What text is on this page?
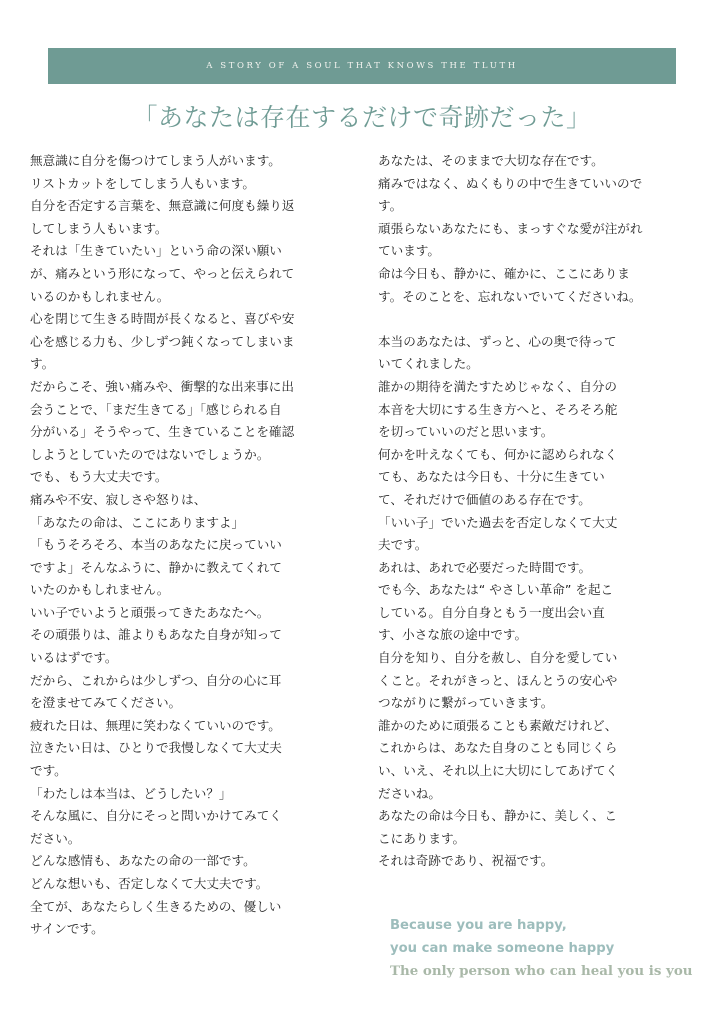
A STORY OF A SOUL THAT KNOWS THE TLUTH
「あなたは存在するだけで奇跡だった」
無意識に自分を傷つけてしまう人がいます。
リストカットをしてしまう人もいます。
自分を否定する言葉を、無意識に何度も繰り返
してしまう人もいます。
それは「生きていたい」という命の深い願い
が、痛みという形になって、やっと伝えられて
いるのかもしれません。
心を閉じて生きる時間が長くなると、喜びや安
心を感じる力も、少しずつ鈍くなってしまいま
す。
だからこそ、強い痛みや、衝撃的な出来事に出
会うことで、「まだ生きてる」「感じられる自
分がいる」そうやって、生きていることを確認
しようとしていたのではないでしょうか。
でも、もう大丈夫です。
痛みや不安、寂しさや怒りは、
「あなたの命は、ここにありますよ」
「もうそろそろ、本当のあなたに戻っていい
ですよ」そんなふうに、静かに教えてくれて
いたのかもしれません。
いい子でいようと頑張ってきたあなたへ。
その頑張りは、誰よりもあなた自身が知って
いるはずです。
だから、これからは少しずつ、自分の心に耳
を澄ませてみてください。
疲れた日は、無理に笑わなくていいのです。
泣きたい日は、ひとりで我慢しなくて大丈夫
です。
「わたしは本当は、どうしたい？」
そんな風に、自分にそっと問いかけてみてく
ださい。
どんな感情も、あなたの命の一部です。
どんな想いも、否定しなくて大丈夫です。
全てが、あなたらしく生きるための、優しい
サインです。
あなたは、そのままで大切な存在です。
痛みではなく、ぬくもりの中で生きていいので
す。
頑張らないあなたにも、まっすぐな愛が注がれ
ています。
命は今日も、静かに、確かに、ここにありま
す。そのことを、忘れないでいてくださいね。
本当のあなたは、ずっと、心の奥で待って
いてくれました。
誰かの期待を満たすためじゃなく、自分の
本音を大切にする生き方へと、そろそろ舵
を切っていいのだと思います。
何かを叶えなくても、何かに認められなく
ても、あなたは今日も、十分に生きてい
て、それだけで価値のある存在です。
「いい子」でいた過去を否定しなくて大丈
夫です。
あれは、あれで必要だった時間です。
でも今、あなたは“ やさしい革命” を起こ
している。自分自身ともう一度出会い直
す、小さな旅の途中です。
自分を知り、自分を赦し、自分を愛してい
くこと。それがきっと、ほんとうの安心や
つながりに繋がっていきます。
誰かのために頑張ることも素敵だけれど、
これからは、あなた自身のことも同じくら
い、いえ、それ以上に大切にしてあげてく
ださいね。
あなたの命は今日も、静かに、美しく、こ
こにあります。
それは奇跡であり、祝福です。
Because you are happy,
you can make someone happy
The only person who can heal you is you
